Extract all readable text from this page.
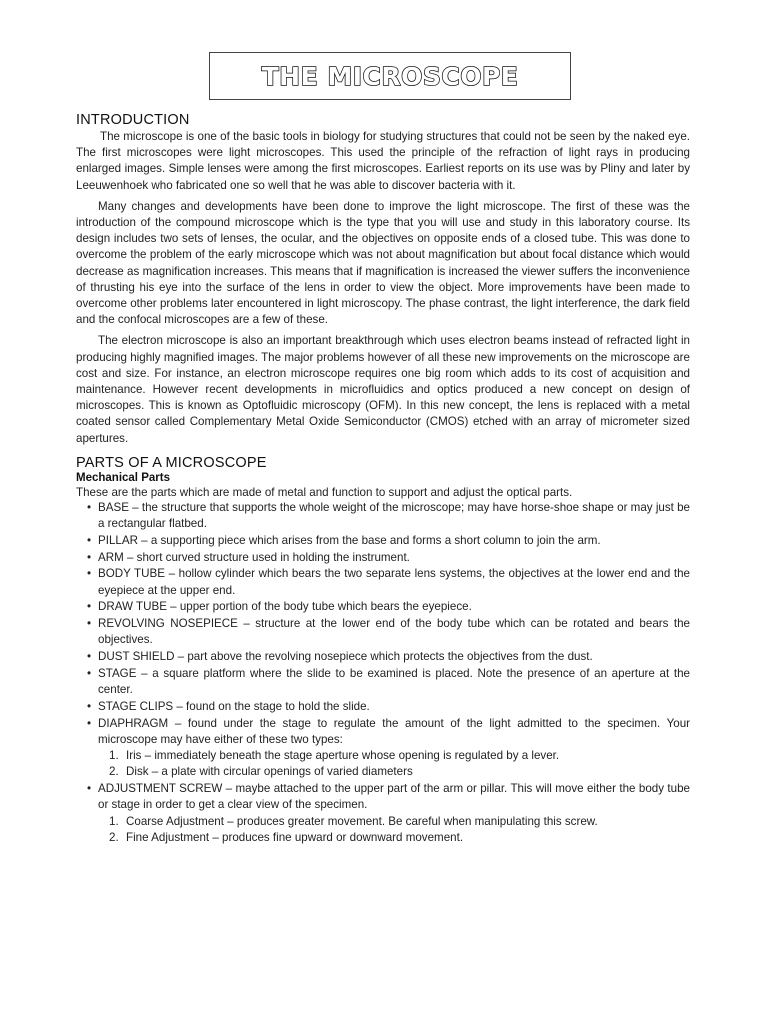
THE MICROSCOPE
INTRODUCTION

The microscope is one of the basic tools in biology for studying structures that could not be seen by the naked eye. The first microscopes were light microscopes. This used the principle of the refraction of light rays in producing enlarged images. Simple lenses were among the first microscopes. Earliest reports on its use was by Pliny and later by Leeuwenhoek who fabricated one so well that he was able to discover bacteria with it.

Many changes and developments have been done to improve the light microscope. The first of these was the introduction of the compound microscope which is the type that you will use and study in this laboratory course. Its design includes two sets of lenses, the ocular, and the objectives on opposite ends of a closed tube. This was done to overcome the problem of the early microscope which was not about magnification but about focal distance which would decrease as magnification increases. This means that if magnification is increased the viewer suffers the inconvenience of thrusting his eye into the surface of the lens in order to view the object. More improvements have been made to overcome other problems later encountered in light microscopy. The phase contrast, the light interference, the dark field and the confocal microscopes are a few of these.

The electron microscope is also an important breakthrough which uses electron beams instead of refracted light in producing highly magnified images. The major problems however of all these new improvements on the microscope are cost and size. For instance, an electron microscope requires one big room which adds to its cost of acquisition and maintenance. However recent developments in microfluidics and optics produced a new concept on design of microscopes. This is known as Optofluidic microscopy (OFM). In this new concept, the lens is replaced with a metal coated sensor called Complementary Metal Oxide Semiconductor (CMOS) etched with an array of micrometer sized apertures.

PARTS OF A MICROSCOPE
Mechanical Parts

These are the parts which are made of metal and function to support and adjust the optical parts.

• BASE – the structure that supports the whole weight of the microscope; may have horse-shoe shape or may just be a rectangular flatbed.
• PILLAR – a supporting piece which arises from the base and forms a short column to join the arm.
• ARM – short curved structure used in holding the instrument.
• BODY TUBE – hollow cylinder which bears the two separate lens systems, the objectives at the lower end and the eyepiece at the upper end.
• DRAW TUBE – upper portion of the body tube which bears the eyepiece.
• REVOLVING NOSEPIECE – structure at the lower end of the body tube which can be rotated and bears the objectives.
• DUST SHIELD – part above the revolving nosepiece which protects the objectives from the dust.
• STAGE – a square platform where the slide to be examined is placed. Note the presence of an aperture at the center.
• STAGE CLIPS – found on the stage to hold the slide.
• DIAPHRAGM – found under the stage to regulate the amount of the light admitted to the specimen. Your microscope may have either of these two types:
1. Iris – immediately beneath the stage aperture whose opening is regulated by a lever.
2. Disk – a plate with circular openings of varied diameters
• ADJUSTMENT SCREW – maybe attached to the upper part of the arm or pillar. This will move either the body tube or stage in order to get a clear view of the specimen.
1. Coarse Adjustment – produces greater movement. Be careful when manipulating this screw.
2. Fine Adjustment – produces fine upward or downward movement.
